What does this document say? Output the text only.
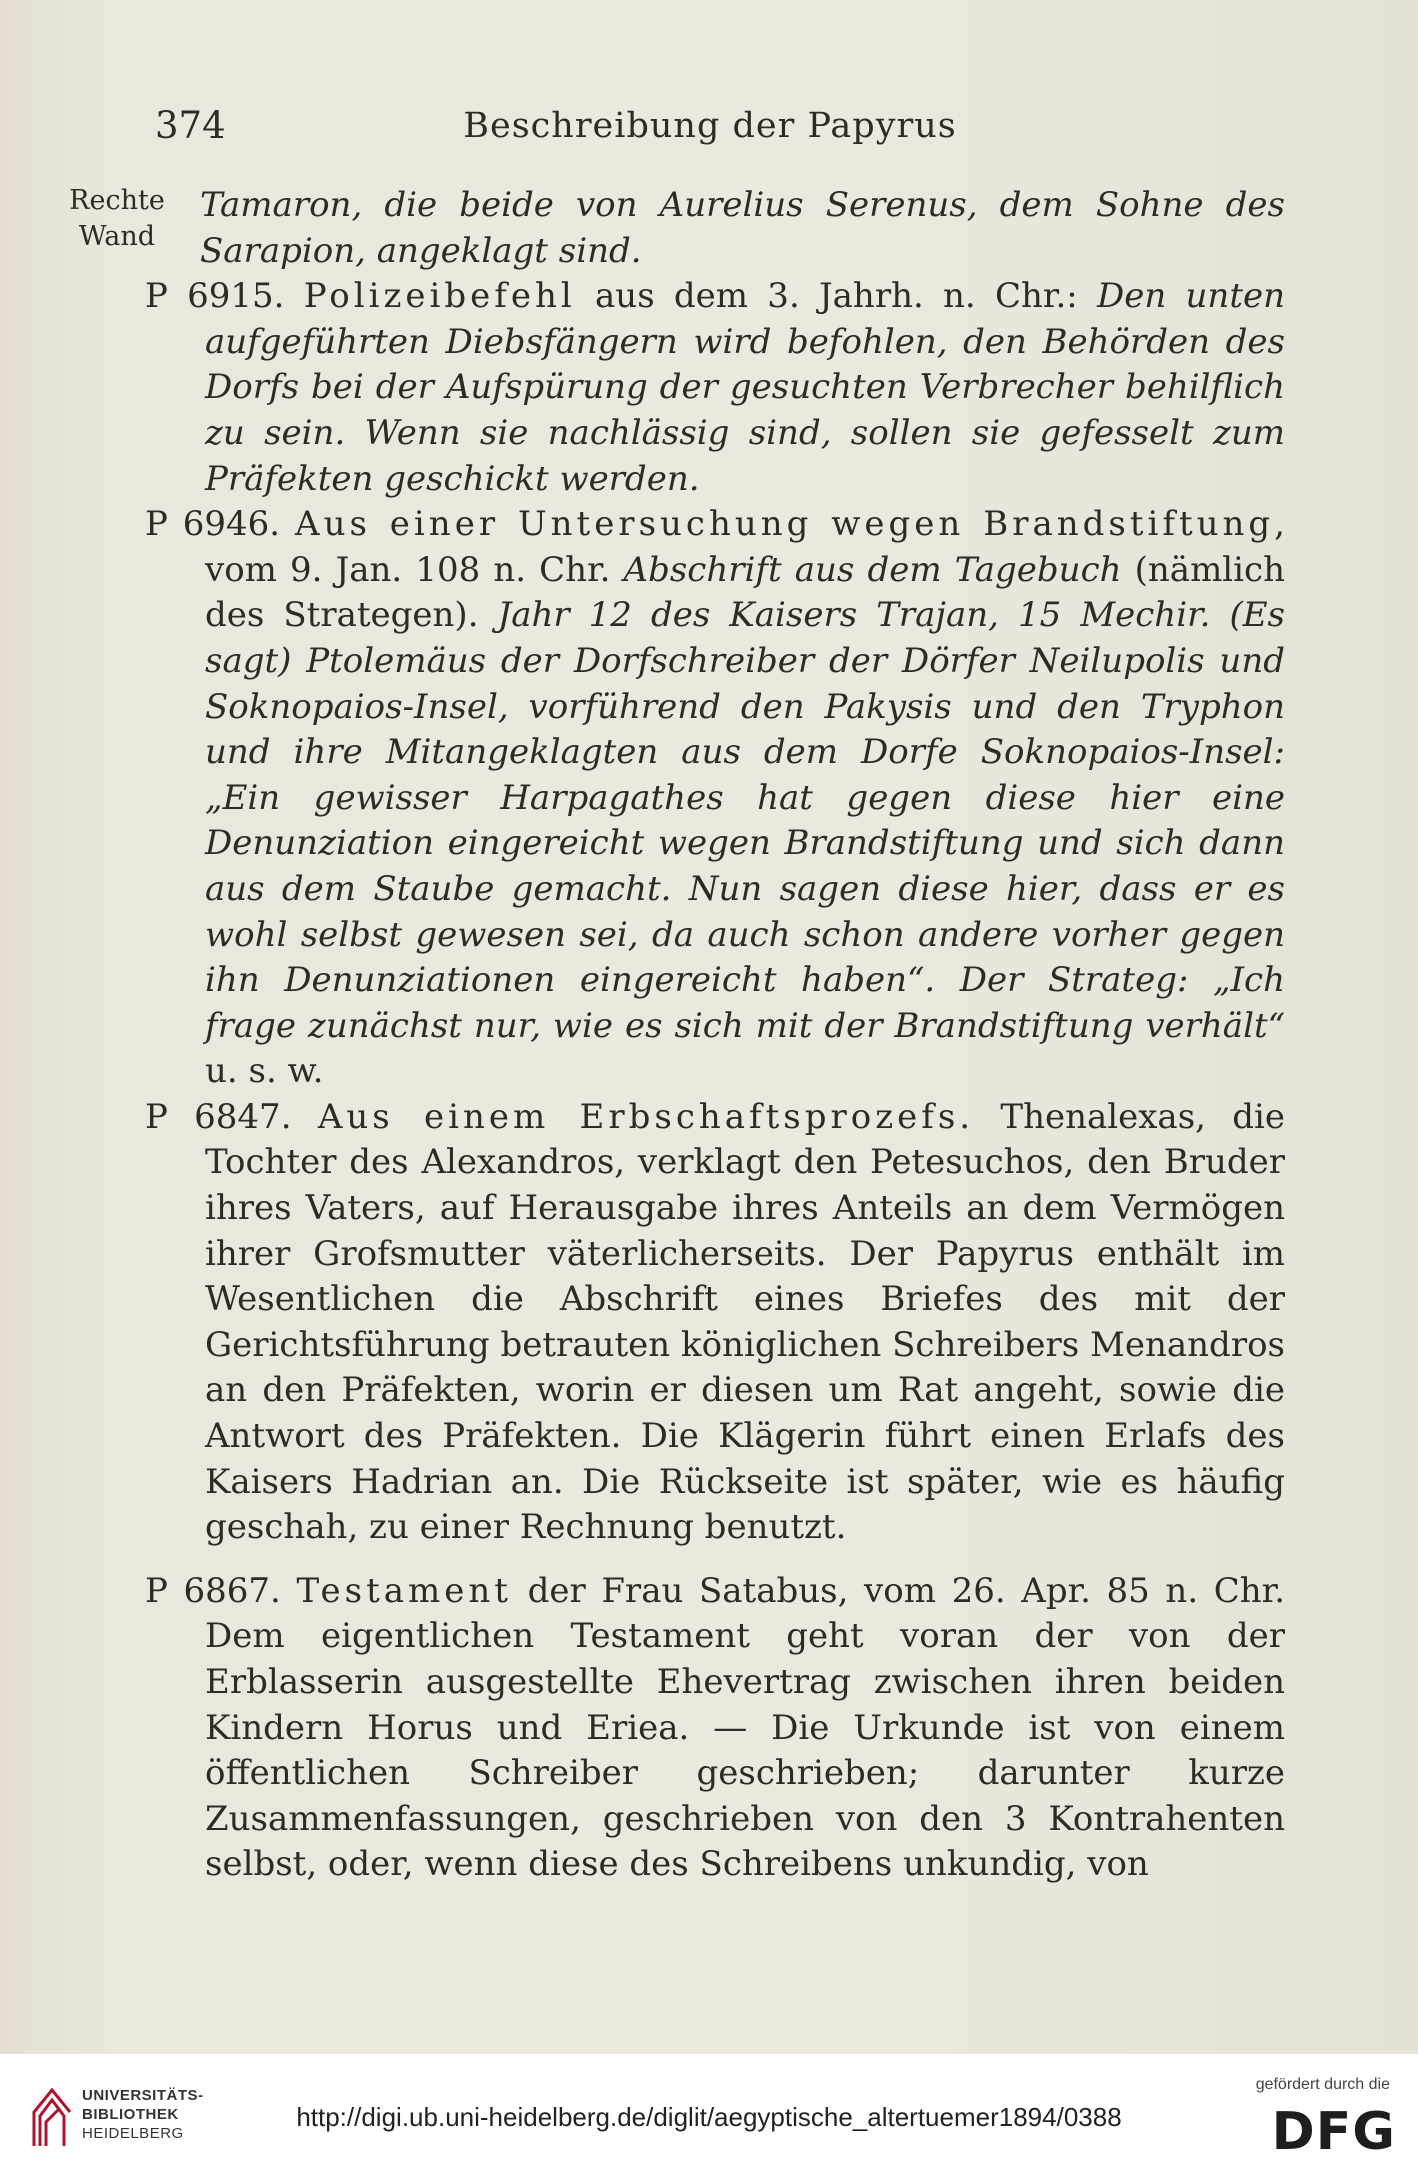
374	Beschreibung der Papyrus
Rechte
Wand

Tamaron, die beide von Aurelius Serenus, dem Sohne des Sarapion, angeklagt sind.

P 6915. Polizeibefehl aus dem 3. Jahrh. n. Chr.: Den unten aufgeführten Diebsfängern wird befohlen, den Behörden des Dorfs bei der Aufspürung der gesuchten Verbrecher behilflich zu sein. Wenn sie nachlässig sind, sollen sie gefesselt zum Präfekten geschickt werden.

P 6946. Aus einer Untersuchung wegen Brandstiftung, vom 9. Jan. 108 n. Chr. Abschrift aus dem Tagebuch (nämlich des Strategen). Jahr 12 des Kaisers Trajan, 15 Mechir. (Es sagt) Ptolemäus der Dorfschreiber der Dörfer Neilupolis und Soknopaios-Insel, vorführend den Pakysis und den Tryphon und ihre Mitangeklagten aus dem Dorfe Soknopaios-Insel: „Ein gewisser Harpagathes hat gegen diese hier eine Denunziation eingereicht wegen Brandstiftung und sich dann aus dem Staube gemacht. Nun sagen diese hier, dass er es wohl selbst gewesen sei, da auch schon andere vorher gegen ihn Denunziationen eingereicht haben“. Der Strateg: „Ich frage zunächst nur, wie es sich mit der Brandstiftung verhält“ u. s. w.

P 6847. Aus einem Erbschaftsprozefs. Thenalexas, die Tochter des Alexandros, verklagt den Petesuchos, den Bruder ihres Vaters, auf Herausgabe ihres Anteils an dem Vermögen ihrer Grofsmutter väterlicherseits. Der Papyrus enthält im Wesentlichen die Abschrift eines Briefes des mit der Gerichtsführung betrauten königlichen Schreibers Menandros an den Präfekten, worin er diesen um Rat angeht, sowie die Antwort des Präfekten. Die Klägerin führt einen Erlafs des Kaisers Hadrian an. Die Rückseite ist später, wie es häufig geschah, zu einer Rechnung benutzt.

P 6867. Testament der Frau Satabus, vom 26. Apr. 85 n. Chr. Dem eigentlichen Testament geht voran der von der Erblasserin ausgestellte Ehevertrag zwischen ihren beiden Kindern Horus und Eriea. — Die Urkunde ist von einem öffentlichen Schreiber geschrieben; darunter kurze Zusammenfassungen, geschrieben von den 3 Kontrahenten selbst, oder, wenn diese des Schreibens unkundig, von

UNIVERSITÄTS-
BIBLIOTHEK
HEIDELBERG
http://digi.ub.uni-heidelberg.de/diglit/aegyptische_altertuemer1894/0388
gefördert durch die
DFG
